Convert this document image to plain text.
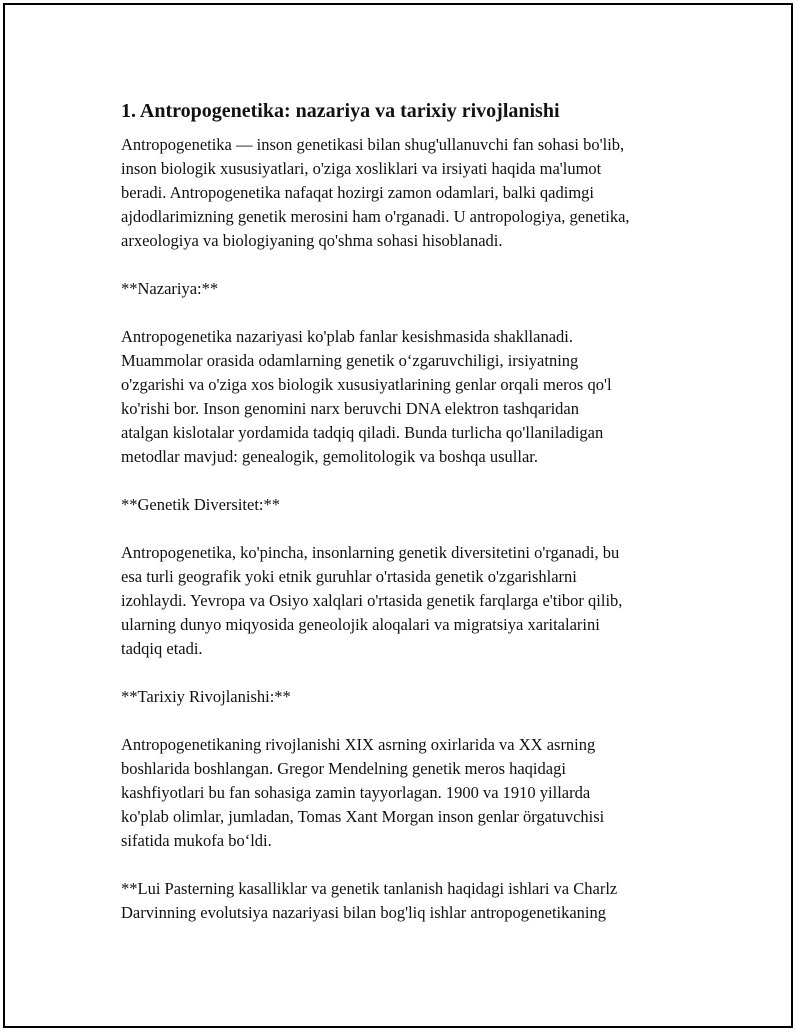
1. Antropogenetika: nazariya va tarixiy rivojlanishi

Antropogenetika — inson genetikasi bilan shug'ullanuvchi fan sohasi bo'lib,
inson biologik xususiyatlari, o'ziga xosliklari va irsiyati haqida ma'lumot
beradi. Antropogenetika nafaqat hozirgi zamon odamlari, balki qadimgi
ajdodlarimizning genetik merosini ham o'rganadi. U antropologiya, genetika,
arxeologiya va biologiyaning qo'shma sohasi hisoblanadi.

**Nazariya:**

Antropogenetika nazariyasi ko'plab fanlar kesishmasida shakllanadi.
Muammolar orasida odamlarning genetik o‘zgaruvchiligi, irsiyatning
o'zgarishi va o'ziga xos biologik xususiyatlarining genlar orqali meros qo'l
ko'rishi bor. Inson genomini narx beruvchi DNA elektron tashqaridan
atalgan kislotalar yordamida tadqiq qiladi. Bunda turlicha qo'llaniladigan
metodlar mavjud: genealogik, gemolitologik va boshqa usullar.

**Genetik Diversitet:**

Antropogenetika, ko'pincha, insonlarning genetik diversitetini o'rganadi, bu
esa turli geografik yoki etnik guruhlar o'rtasida genetik o'zgarishlarni
izohlaydi. Yevropa va Osiyo xalqlari o'rtasida genetik farqlarga e'tibor qilib,
ularning dunyo miqyosida geneolojik aloqalari va migratsiya xaritalarini
tadqiq etadi.

**Tarixiy Rivojlanishi:**

Antropogenetikaning rivojlanishi XIX asrning oxirlarida va XX asrning
boshlarida boshlangan. Gregor Mendelning genetik meros haqidagi
kashfiyotlari bu fan sohasiga zamin tayyorlagan. 1900 va 1910 yillarda
ko'plab olimlar, jumladan, Tomas Xant Morgan inson genlar örgatuvchisi
sifatida mukofa bo‘ldi.

**Lui Pasterning kasalliklar va genetik tanlanish haqidagi ishlari va Charlz
Darvinning evolutsiya nazariyasi bilan bog'liq ishlar antropogenetikaning
